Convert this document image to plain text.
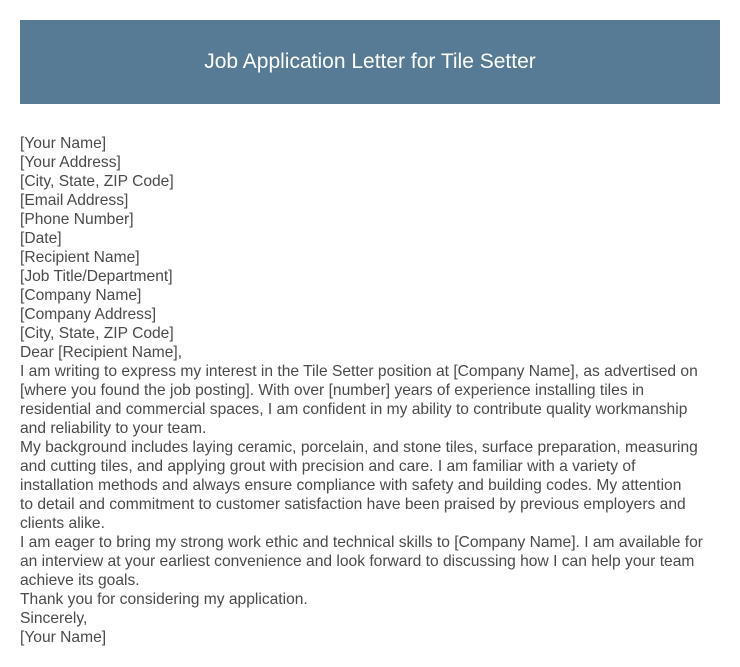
Job Application Letter for Tile Setter
[Your Name]
[Your Address]
[City, State, ZIP Code]
[Email Address]
[Phone Number]
[Date]
[Recipient Name]
[Job Title/Department]
[Company Name]
[Company Address]
[City, State, ZIP Code]
Dear [Recipient Name],

I am writing to express my interest in the Tile Setter position at [Company Name], as advertised on
[where you found the job posting]. With over [number] years of experience installing tiles in
residential and commercial spaces, I am confident in my ability to contribute quality workmanship
and reliability to your team.

My background includes laying ceramic, porcelain, and stone tiles, surface preparation, measuring
and cutting tiles, and applying grout with precision and care. I am familiar with a variety of
installation methods and always ensure compliance with safety and building codes. My attention
to detail and commitment to customer satisfaction have been praised by previous employers and
clients alike.

I am eager to bring my strong work ethic and technical skills to [Company Name]. I am available for
an interview at your earliest convenience and look forward to discussing how I can help your team
achieve its goals.

Thank you for considering my application.
Sincerely,
[Your Name]
